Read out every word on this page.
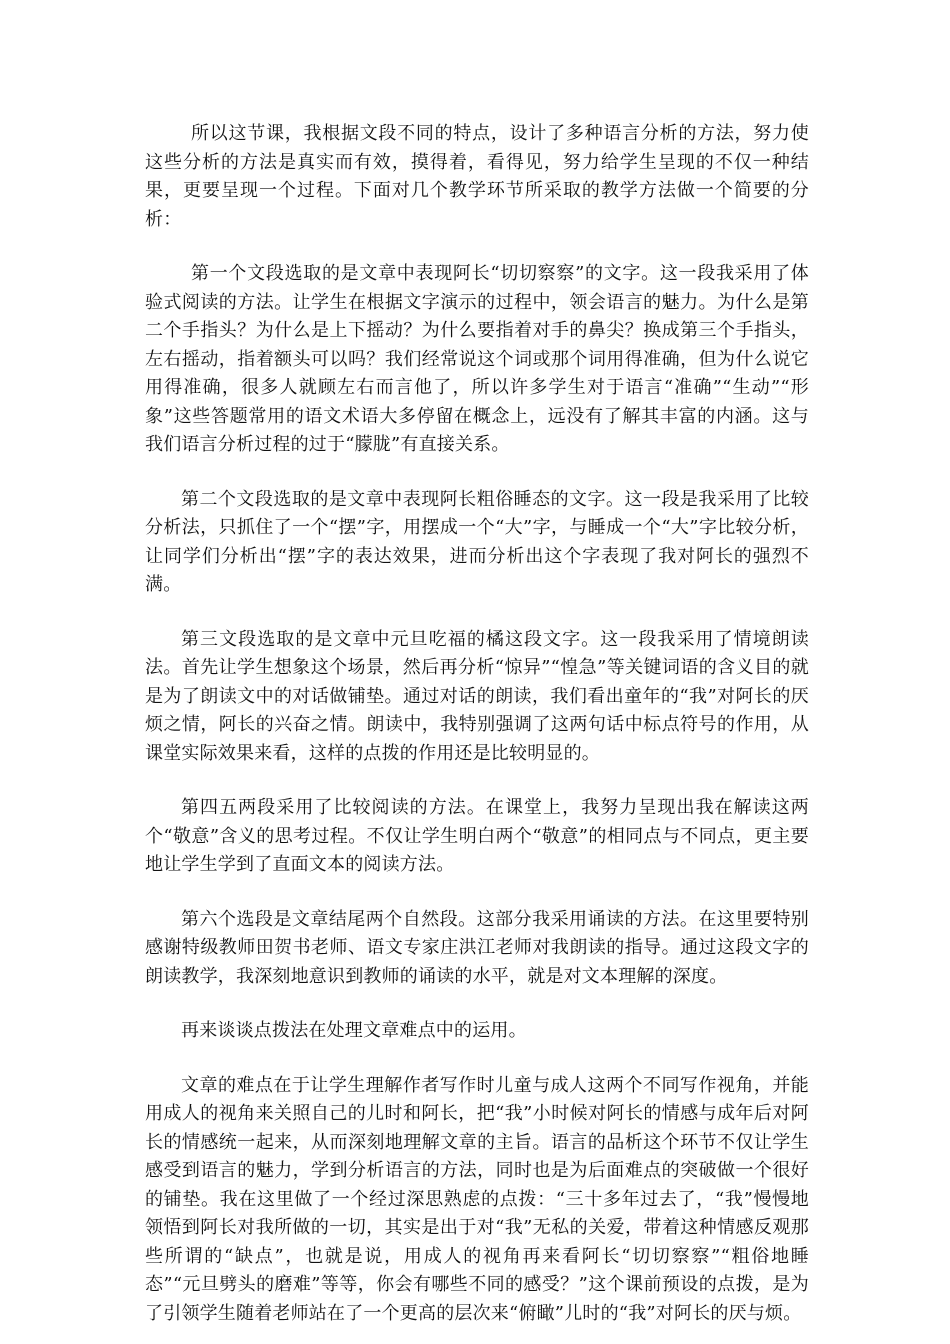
所以这节课，我根据文段不同的特点，设计了多种语言分析的方法，努力使这些分析的方法是真实而有效，摸得着，看得见，努力给学生呈现的不仅一种结果，更要呈现一个过程。下面对几个教学环节所采取的教学方法做一个简要的分析：

第一个文段选取的是文章中表现阿长“切切察察”的文字。这一段我采用了体验式阅读的方法。让学生在根据文字演示的过程中，领会语言的魅力。为什么是第二个手指头？为什么是上下摇动？为什么要指着对手的鼻尖？换成第三个手指头，左右摇动，指着额头可以吗？我们经常说这个词或那个词用得准确，但为什么说它用得准确，很多人就顾左右而言他了，所以许多学生对于语言“准确”“生动”“形象”这些答题常用的语文术语大多停留在概念上，远没有了解其丰富的内涵。这与我们语言分析过程的过于“朦胧”有直接关系。

第二个文段选取的是文章中表现阿长粗俗睡态的文字。这一段是我采用了比较分析法，只抓住了一个“摆”字，用摆成一个“大”字，与睡成一个“大”字比较分析，让同学们分析出“摆”字的表达效果，进而分析出这个字表现了我对阿长的强烈不满。

第三文段选取的是文章中元旦吃福的橘这段文字。这一段我采用了情境朗读法。首先让学生想象这个场景，然后再分析“惊异”“惶急”等关键词语的含义目的就是为了朗读文中的对话做铺垫。通过对话的朗读，我们看出童年的“我”对阿长的厌烦之情，阿长的兴奋之情。朗读中，我特别强调了这两句话中标点符号的作用，从课堂实际效果来看，这样的点拨的作用还是比较明显的。

第四五两段采用了比较阅读的方法。在课堂上，我努力呈现出我在解读这两个“敬意”含义的思考过程。不仅让学生明白两个“敬意”的相同点与不同点，更主要地让学生学到了直面文本的阅读方法。

第六个选段是文章结尾两个自然段。这部分我采用诵读的方法。在这里要特别感谢特级教师田贺书老师、语文专家庄洪江老师对我朗读的指导。通过这段文字的朗读教学，我深刻地意识到教师的诵读的水平，就是对文本理解的深度。

再来谈谈点拨法在处理文章难点中的运用。

文章的难点在于让学生理解作者写作时儿童与成人这两个不同写作视角，并能用成人的视角来关照自己的儿时和阿长，把“我”小时候对阿长的情感与成年后对阿长的情感统一起来，从而深刻地理解文章的主旨。语言的品析这个环节不仅让学生感受到语言的魅力，学到分析语言的方法，同时也是为后面难点的突破做一个很好的铺垫。我在这里做了一个经过深思熟虑的点拨：“三十多年过去了，“我”慢慢地领悟到阿长对我所做的一切，其实是出于对“我”无私的关爱，带着这种情感反观那些所谓的“缺点”，也就是说，用成人的视角再来看阿长“切切察察”“粗俗地睡态”“元旦劈头的磨难”等等，你会有哪些不同的感受？”这个课前预设的点拨，是为了引领学生随着老师站在了一个更高的层次来“俯瞰”儿时的“我”对阿长的厌与烦。
